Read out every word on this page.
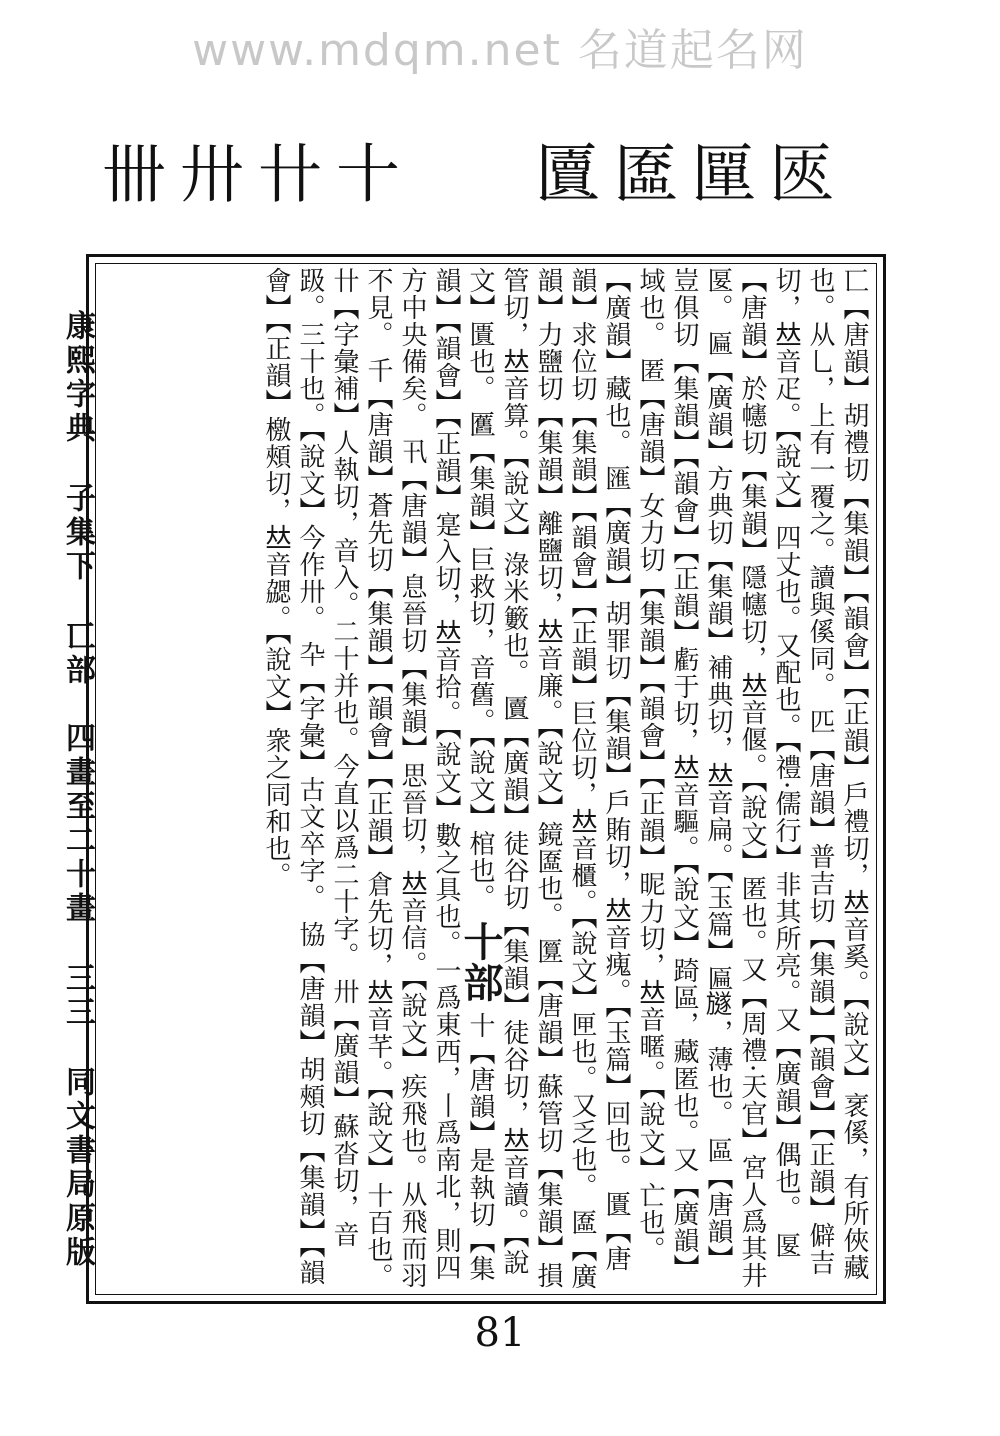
www.mdqm.net 名道起名网
匧
匰
匲
匵
十
卄
卅
卌
康熙字典
子集下
匸部　四畫至二十畫
三三
同文書局原版	匸【唐韻】胡禮切【集韻】【韻會】【正韻】戶禮切，𠀤音奚。【說文】衺傒，有所俠藏也。从乚，上有一覆之。讀與傒同。

匹【唐韻】普吉切【集韻】【韻會】【正韻】僻吉切，𠀤音疋。【說文】四丈也。又配也。【禮·儒行】非其所亮。又【廣韻】偶也。

匽【唐韻】於幰切【集韻】隱幰切，𠀤音偃。【說文】匿也。又【周禮·天官】宮人爲其井匽。

匾【廣韻】方典切【集韻】補典切，𠀤音扁。【玉篇】匾𣄚，薄也。

區【唐韻】豈俱切【集韻】【韻會】【正韻】虧于切，𠀤音驅。【說文】踦區，藏匿也。又【廣韻】域也。

匿【唐韻】女力切【集韻】【韻會】【正韻】昵力切，𠀤音暱。【說文】亡也。【廣韻】藏也。

匯【廣韻】胡罪切【集韻】戶賄切，𠀤音瘣。【玉篇】回也。

匱【唐韻】求位切【集韻】【韻會】【正韻】巨位切，𠀤音櫃。【說文】匣也。又乏也。

匲【廣韻】力鹽切【集韻】離鹽切，𠀤音廉。【說文】鏡匲也。

匴【唐韻】蘇管切【集韻】損管切，𠀤音算。【說文】淥米籔也。

匵【廣韻】徒谷切【集韻】徒谷切，𠀤音讀。【說文】匱也。

匶【集韻】巨救切，音舊。【說文】棺也。

十部

十【唐韻】是執切【集韻】【韻會】【正韻】寔入切，𠀤音拾。【說文】數之具也。一爲東西，丨爲南北，則四方中央備矣。

卂【唐韻】息晉切【集韻】思晉切，𠀤音信。【說文】疾飛也。从飛而羽不見。

千【唐韻】蒼先切【集韻】【韻會】【正韻】倉先切，𠀤音芊。【說文】十百也。

卄【字彙補】人執切，音入。二十并也。今直以爲二十字。

卅【廣韻】蘇沓切，音趿。三十也。【說文】今作卅。

卆【字彙】古文卒字。

協【唐韻】胡頰切【集韻】【韻會】【正韻】檄頰切，𠀤音勰。【說文】衆之同和也。

81
